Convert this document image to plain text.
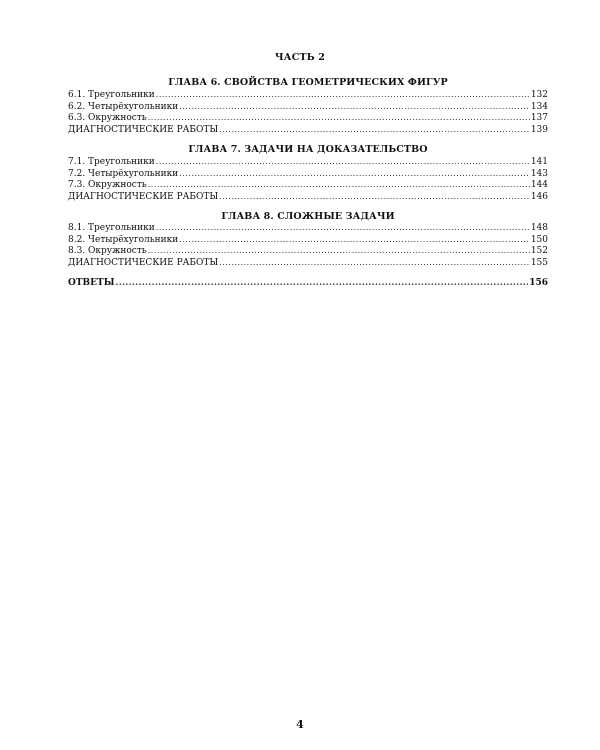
ЧАСТЬ 2
ГЛАВА 6. СВОЙСТВА ГЕОМЕТРИЧЕСКИХ ФИГУР
6.1. Треугольники .....	132
6.2. Четырёхугольники .....	134
6.3. Окружность .....	137
ДИАГНОСТИЧЕСКИЕ РАБОТЫ .....	139
ГЛАВА 7. ЗАДАЧИ НА ДОКАЗАТЕЛЬСТВО
7.1. Треугольники .....	141
7.2. Четырёхугольники .....	143
7.3. Окружность .....	144
ДИАГНОСТИЧЕСКИЕ РАБОТЫ .....	146
ГЛАВА 8. СЛОЖНЫЕ ЗАДАЧИ
8.1. Треугольники .....	148
8.2. Четырёхугольники .....	150
8.3. Окружность .....	152
ДИАГНОСТИЧЕСКИЕ РАБОТЫ .....	155
ОТВЕТЫ .....	156
4
